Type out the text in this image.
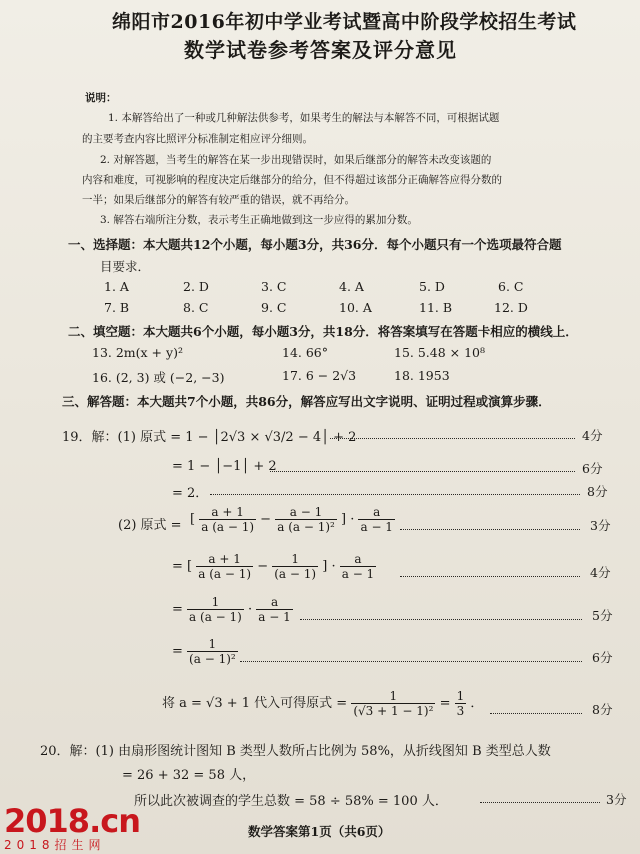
绵阳市2016年初中学业考试暨高中阶段学校招生考试
数学试卷参考答案及评分意见
说明：
1. 本解答给出了一种或几种解法供参考，如果考生的解法与本解答不同，可根据试题
的主要考查内容比照评分标准制定相应评分细则。
2. 对解答题，当考生的解答在某一步出现错误时，如果后继部分的解答未改变该题的
内容和难度，可视影响的程度决定后继部分的给分，但不得超过该部分正确解答应得分数的
一半；如果后继部分的解答有较严重的错误，就不再给分。
3. 解答右端所注分数，表示考生正确地做到这一步应得的累加分数。
一、选择题：本大题共12个小题，每小题3分，共36分．每个小题只有一个选项最符合题
目要求．
1. A	2. D	3. C	4. A	5. D	6. C
7. B	8. C	9. C	10. A	11. B	12. D
二、填空题：本大题共6个小题，每小题3分，共18分．将答案填写在答题卡相应的横线上．
13. 2m(x + y)²	14. 66°	15. 5.48 × 10⁸
16. (2, 3) 或 (−2, −3)	17. 6 − 2√3	18. 1953
三、解答题：本大题共7个小题，共86分，解答应写出文字说明、证明过程或演算步骤．
19．解：(1) 原式 = 1 − │2√3 × √3/2 − 4│ + 2	4分
= 1 − │−1│ + 2	6分
= 2．	8分
(2) 原式 = [ $\frac{a + 1}{a (a - 1)} - \frac{a - 1}{\text{a (a − 1)²}}$ ] · $\frac{a}{a - 1}$	3分
= [ $\frac{a + 1}{a (a - 1)} - \frac{1}{(a - 1)}$ ] · $\frac{a}{a - 1}$	4分
= $\frac{1}{a (a - 1)} \cdot \frac{a}{a - 1}$	5分
= $\frac{1}{\text{(a − 1)²}}$	6分
将 a = √3 + 1 代入可得原式 = $\frac{1}{\text{(√3 + 1 − 1)²}} = \frac{1}{3}$ ．	8分
20．解：(1) 由扇形图统计图知 B 类型人数所占比例为 58%，从折线图知 B 类型总人数
= 26 + 32 = 58 人，
所以此次被调查的学生总数 = 58 ÷ 58% = 100 人．	3分
数学答案第1页（共6页）
2018.cn
2018招生网
